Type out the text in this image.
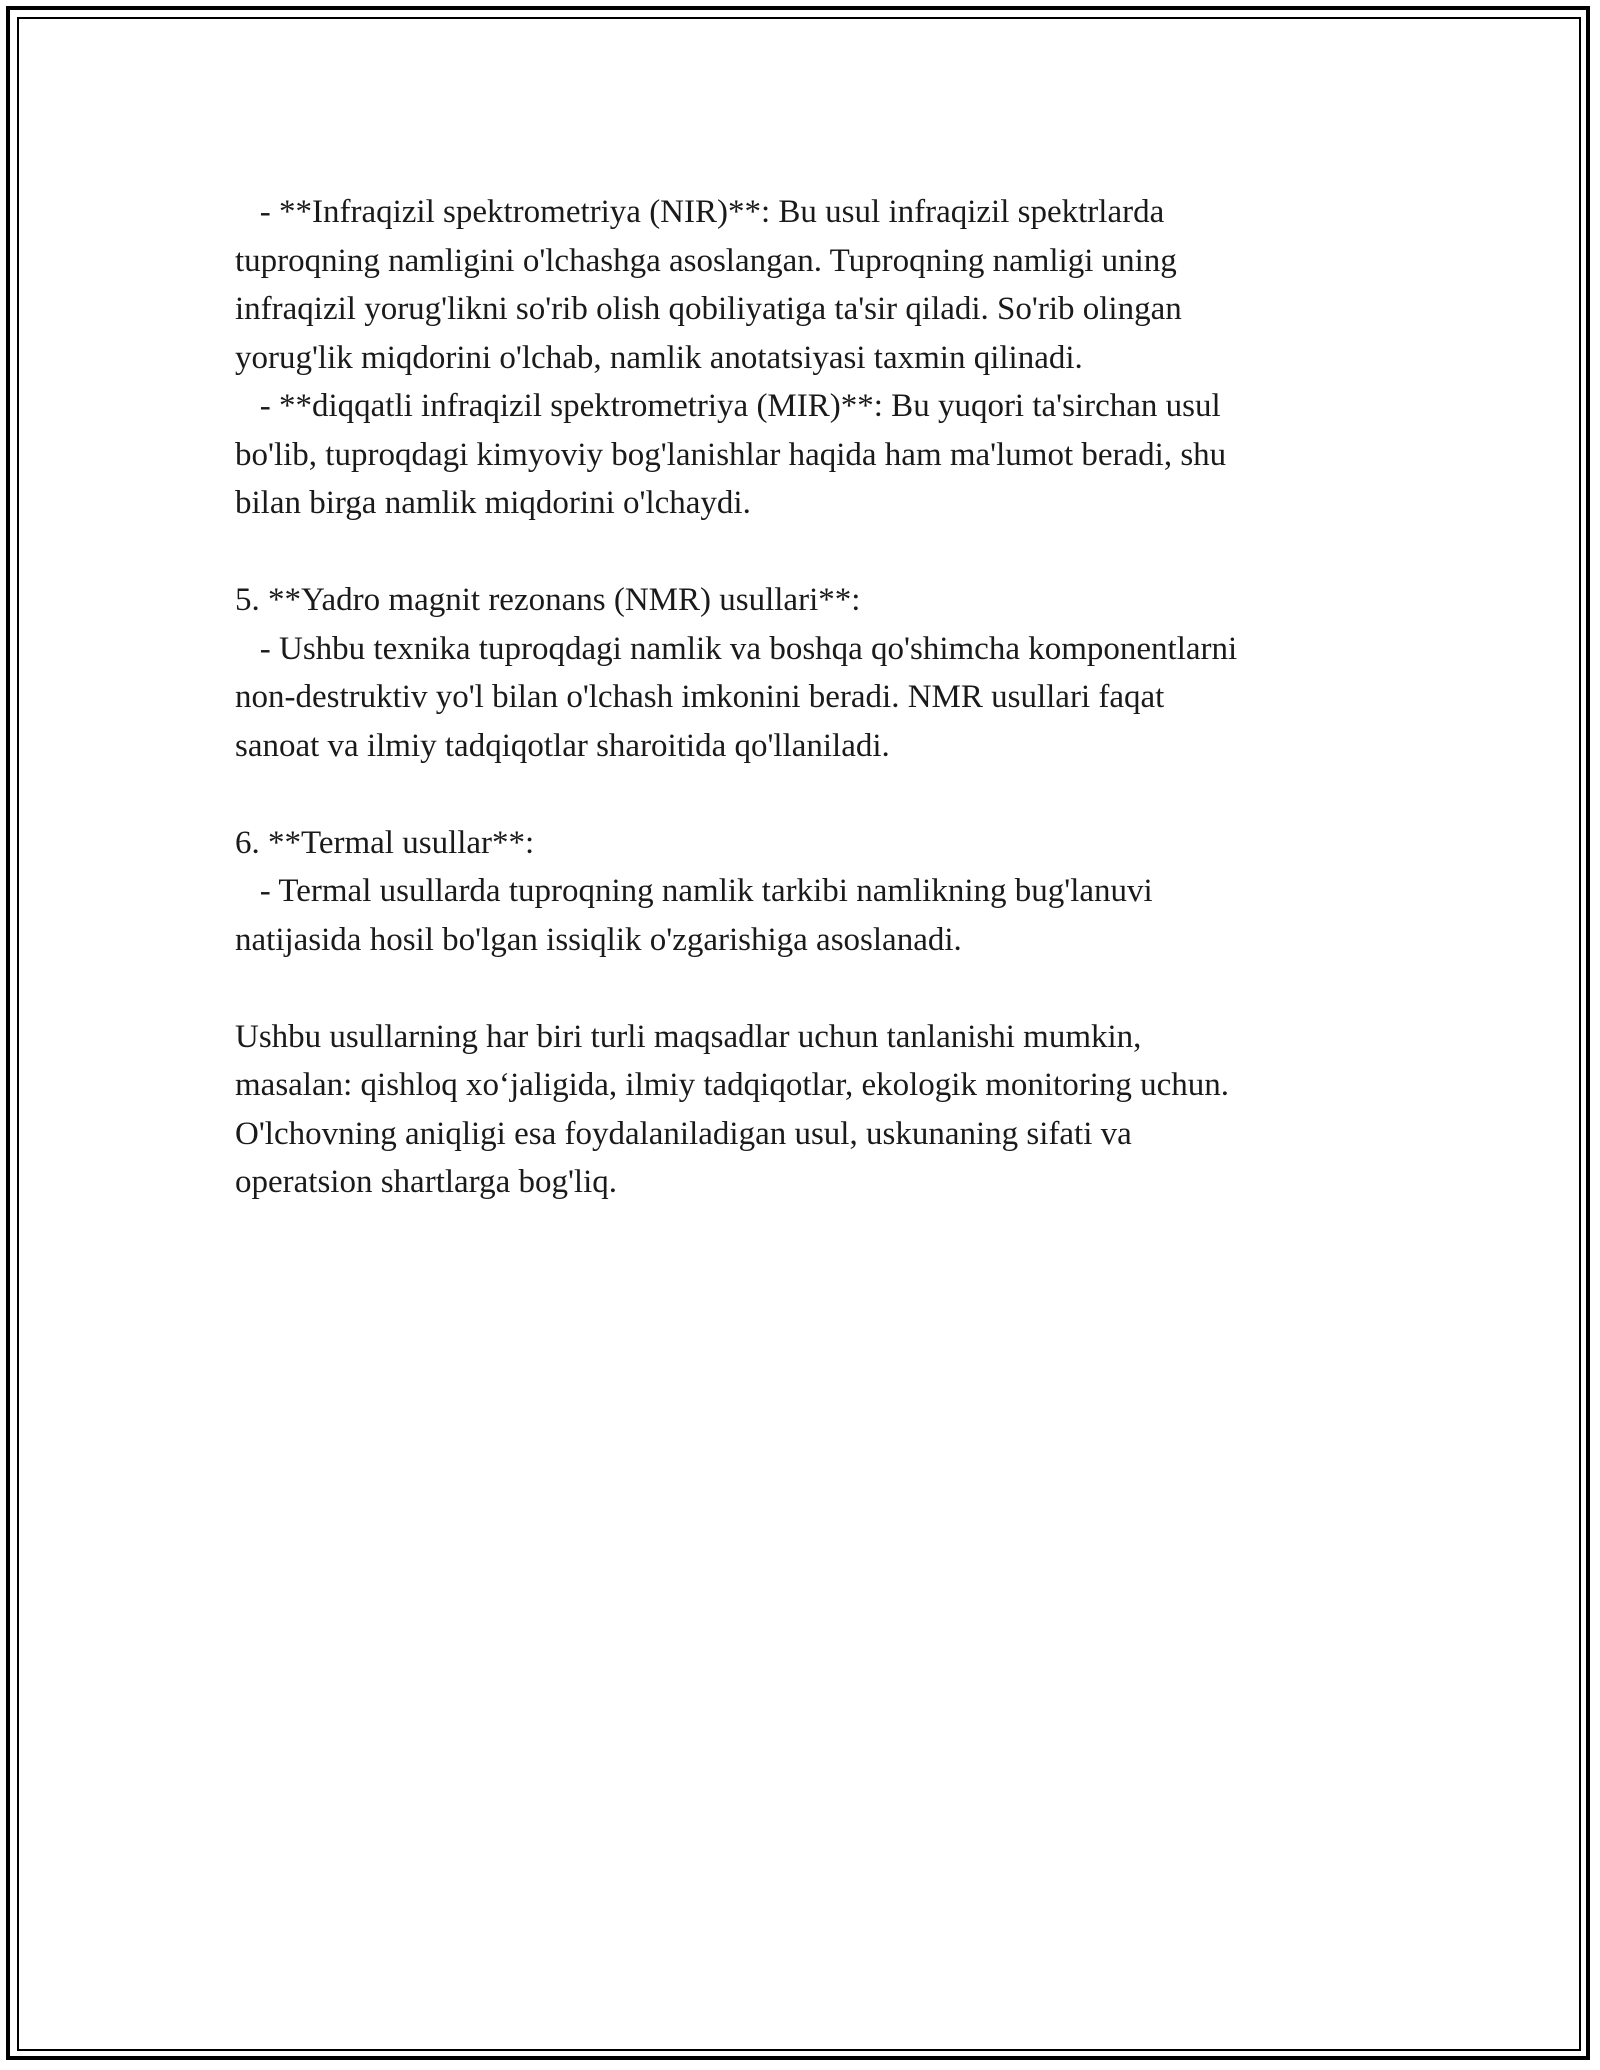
- **Infraqizil spektrometriya (NIR)**: Bu usul infraqizil spektrlarda
tuproqning namligini o'lchashga asoslangan. Tuproqning namligi uning
infraqizil yorug'likni so'rib olish qobiliyatiga ta'sir qiladi. So'rib olingan
yorug'lik miqdorini o'lchab, namlik anotatsiyasi taxmin qilinadi.
- **diqqatli infraqizil spektrometriya (MIR)**: Bu yuqori ta'sirchan usul
bo'lib, tuproqdagi kimyoviy bog'lanishlar haqida ham ma'lumot beradi, shu
bilan birga namlik miqdorini o'lchaydi.
5. **Yadro magnit rezonans (NMR) usullari**:
- Ushbu texnika tuproqdagi namlik va boshqa qo'shimcha komponentlarni
non-destruktiv yo'l bilan o'lchash imkonini beradi. NMR usullari faqat
sanoat va ilmiy tadqiqotlar sharoitida qo'llaniladi.
6. **Termal usullar**:
- Termal usullarda tuproqning namlik tarkibi namlikning bug'lanuvi
natijasida hosil bo'lgan issiqlik o'zgarishiga asoslanadi.
Ushbu usullarning har biri turli maqsadlar uchun tanlanishi mumkin,
masalan: qishloq xo‘jaligida, ilmiy tadqiqotlar, ekologik monitoring uchun.
O'lchovning aniqligi esa foydalaniladigan usul, uskunaning sifati va
operatsion shartlarga bog'liq.
